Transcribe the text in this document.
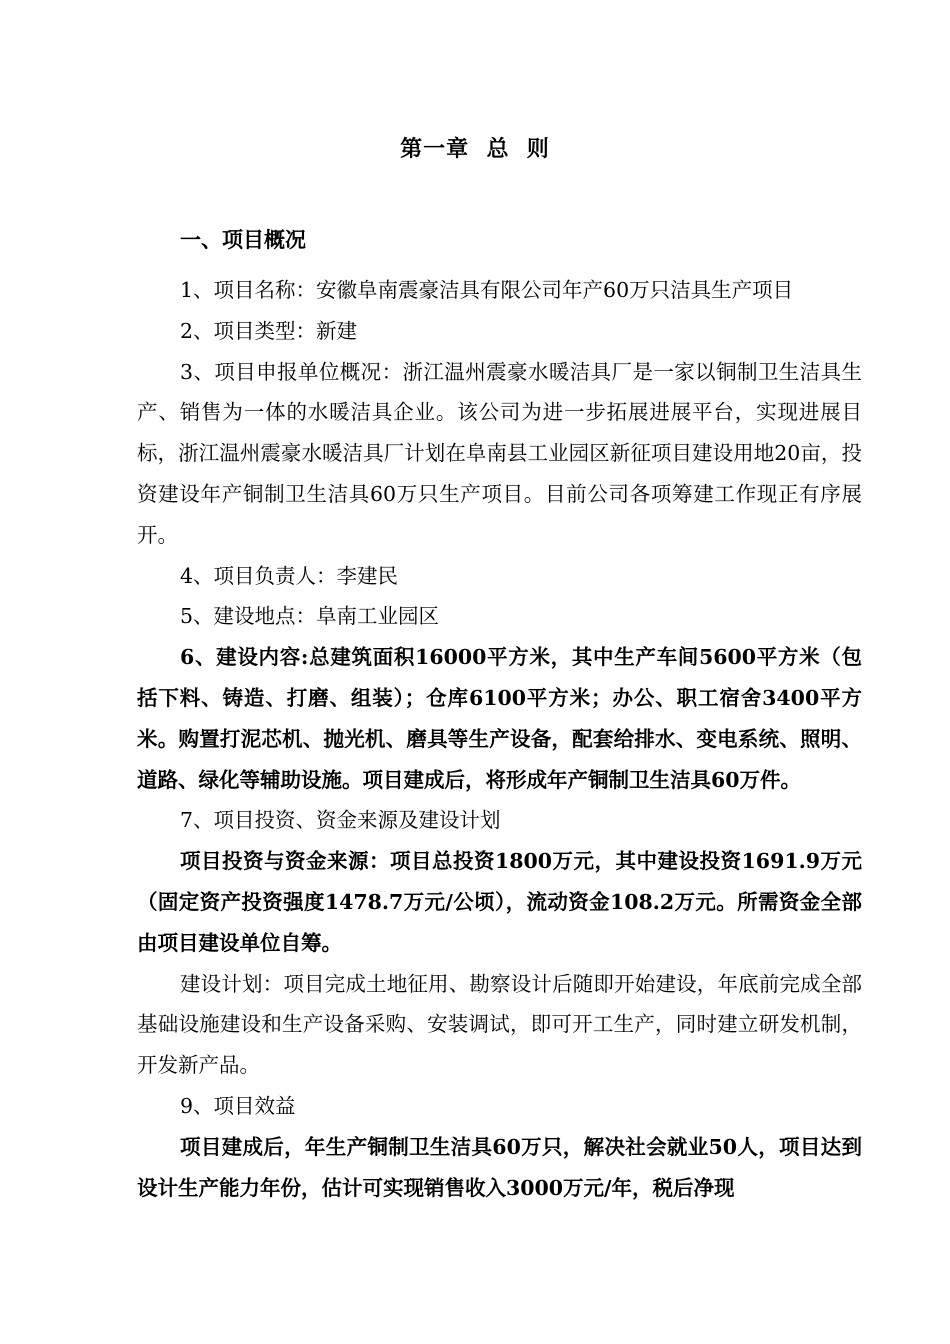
第一章  总  则
一、项目概况

1、项目名称：安徽阜南震豪洁具有限公司年产60万只洁具生产项目

2、项目类型：新建

3、项目申报单位概况：浙江温州震豪水暖洁具厂是一家以铜制卫生洁具生产、销售为一体的水暖洁具企业。该公司为进一步拓展进展平台，实现进展目标，浙江温州震豪水暖洁具厂计划在阜南县工业园区新征项目建设用地20亩，投资建设年产铜制卫生洁具60万只生产项目。目前公司各项筹建工作现正有序展开。

4、项目负责人：李建民

5、建设地点：阜南工业园区

6、建设内容:总建筑面积16000平方米，其中生产车间5600平方米（包括下料、铸造、打磨、组装）；仓库6100平方米；办公、职工宿舍3400平方米。购置打泥芯机、抛光机、磨具等生产设备，配套给排水、变电系统、照明、道路、绿化等辅助设施。项目建成后，将形成年产铜制卫生洁具60万件。

7、项目投资、资金来源及建设计划

项目投资与资金来源：项目总投资1800万元，其中建设投资1691.9万元（固定资产投资强度1478.7万元/公顷），流动资金108.2万元。所需资金全部由项目建设单位自筹。

建设计划：项目完成土地征用、勘察设计后随即开始建设，年底前完成全部基础设施建设和生产设备采购、安装调试，即可开工生产，同时建立研发机制，开发新产品。

9、项目效益

项目建成后，年生产铜制卫生洁具60万只，解决社会就业50人，项目达到设计生产能力年份，估计可实现销售收入3000万元/年，税后净现
